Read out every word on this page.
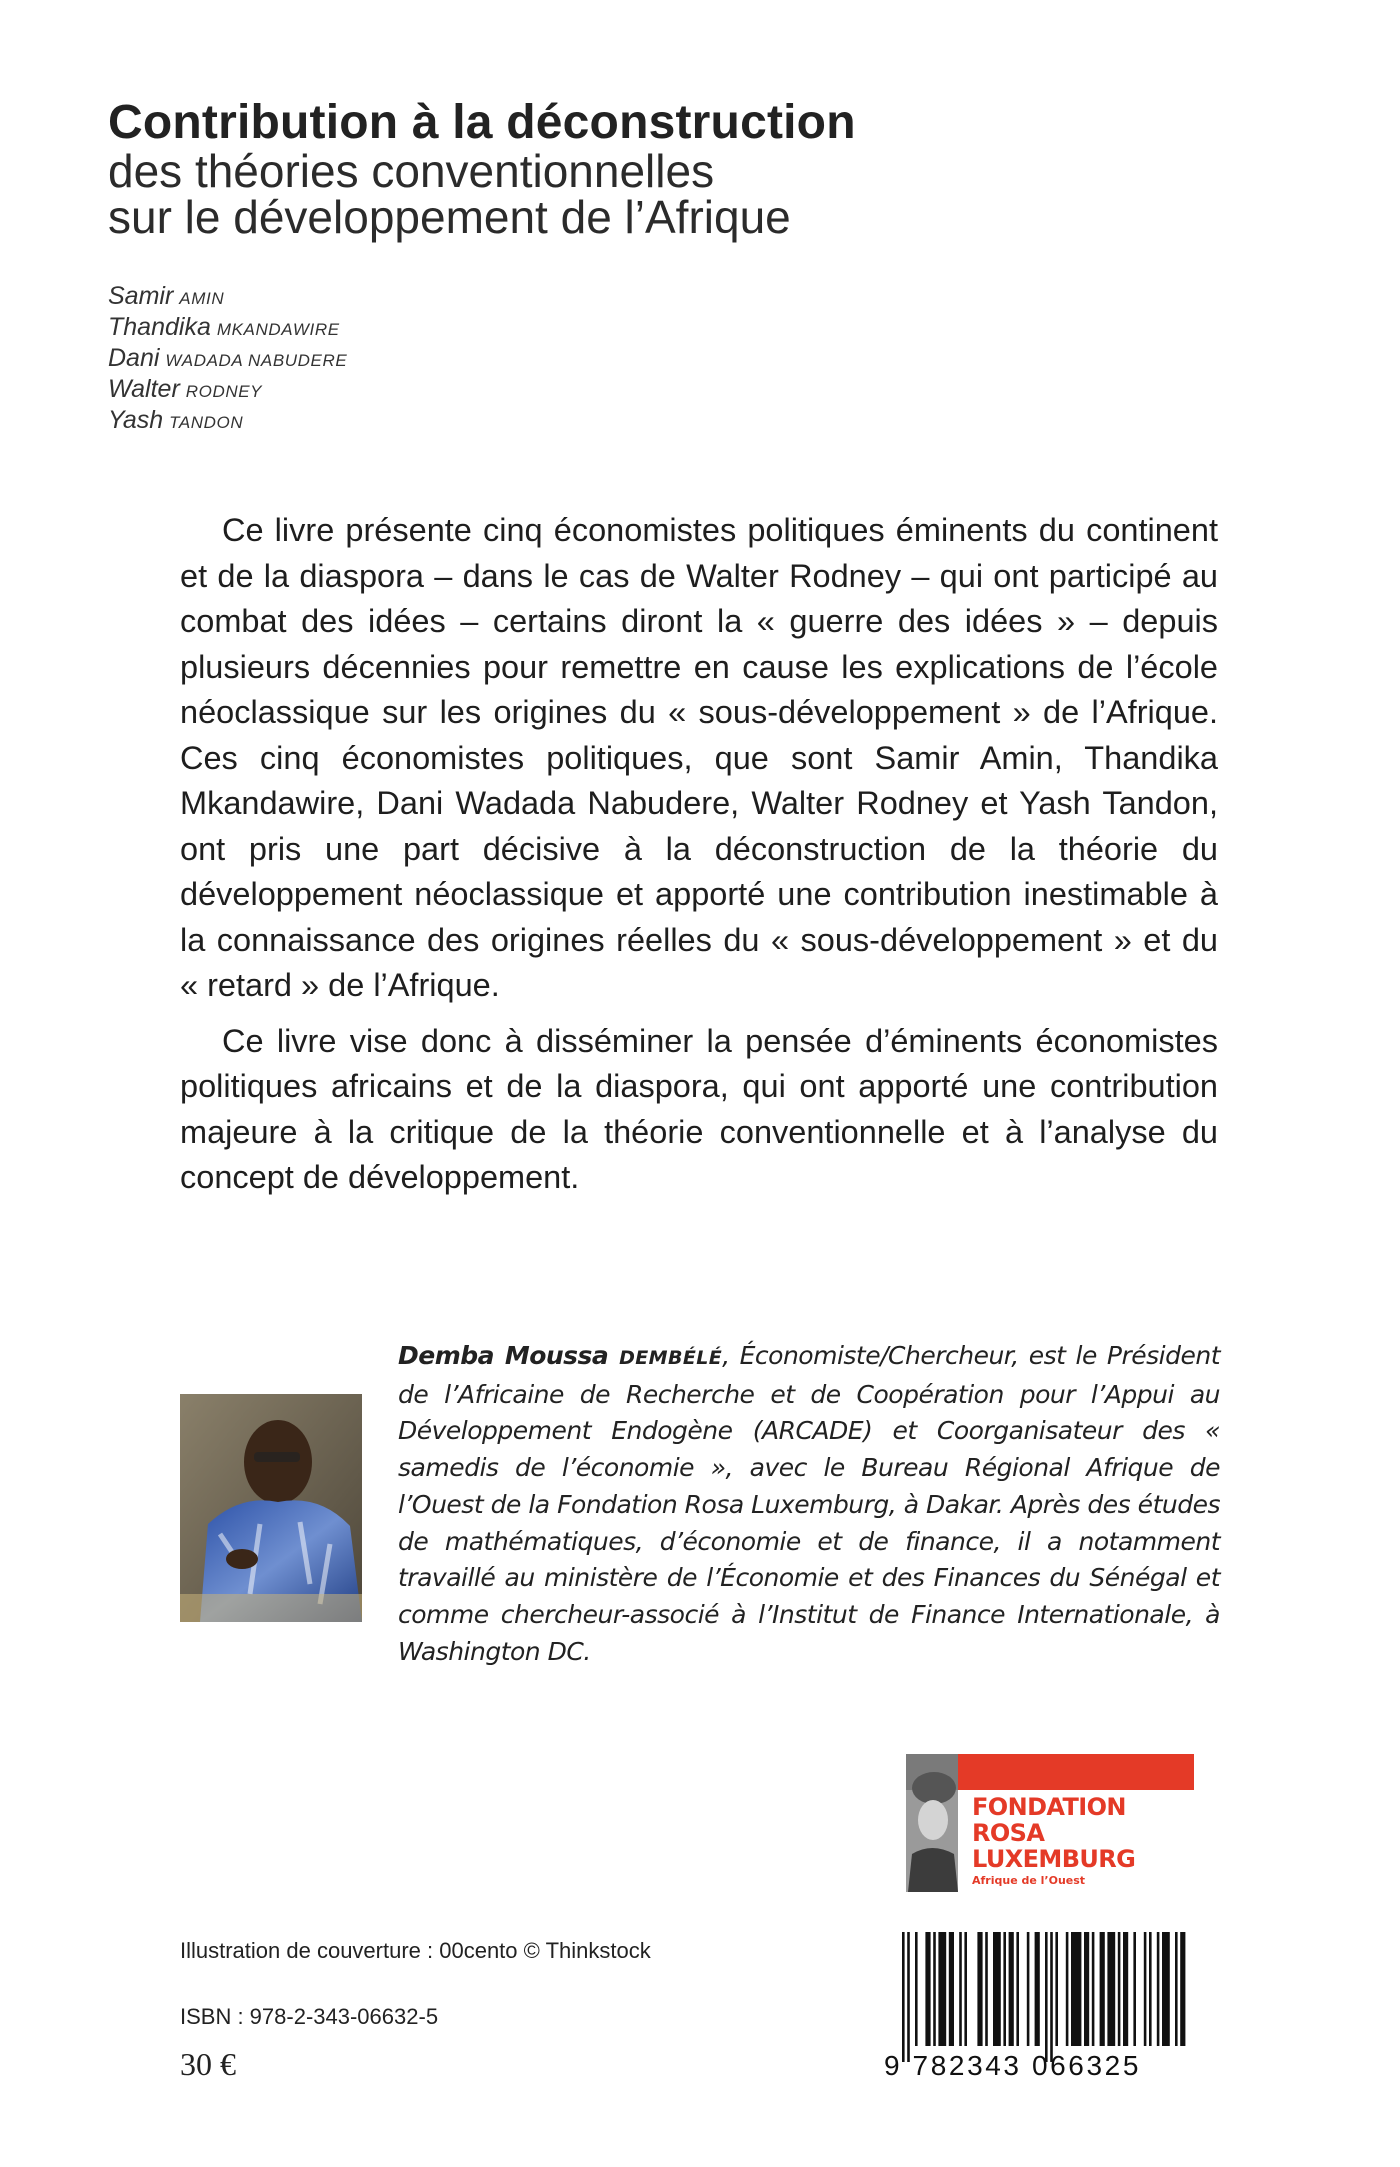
Contribution à la déconstruction
des théories conventionnelles
sur le développement de l’Afrique
Samir AMIN
Thandika MKANDAWIRE
Dani WADADA NABUDERE
Walter RODNEY
Yash TANDON

Ce livre présente cinq économistes politiques éminents du continent et de la diaspora – dans le cas de Walter Rodney – qui ont participé au combat des idées – certains diront la « guerre des idées » – depuis plusieurs décennies pour remettre en cause les explications de l’école néoclassique sur les origines du « sous-développement » de l’Afrique. Ces cinq économistes politiques, que sont Samir Amin, Thandika Mkandawire, Dani Wadada Nabudere, Walter Rodney et Yash Tandon, ont pris une part décisive à la déconstruction de la théorie du développement néoclassique et apporté une contribution inestimable à la connaissance des origines réelles du « sous-développement » et du « retard » de l’Afrique.

Ce livre vise donc à disséminer la pensée d’éminents économistes politiques africains et de la diaspora, qui ont apporté une contribution majeure à la critique de la théorie conventionnelle et à l’analyse du concept de développement.

Demba Moussa DEMBÉLÉ, Économiste/Chercheur, est le Président de l’Africaine de Recherche et de Coopération pour l’Appui au Développement Endogène (ARCADE) et Coorganisateur des « samedis de l’économie », avec le Bureau Régional Afrique de l’Ouest de la Fondation Rosa Luxemburg, à Dakar. Après des études de mathématiques, d’économie et de finance, il a notamment travaillé au ministère de l’Économie et des Finances du Sénégal et comme chercheur-associé à l’Institut de Finance Internationale, à Washington DC.
FONDATION
ROSA
LUXEMBURG
Afrique de l’Ouest
Illustration de couverture : 00cento © Thinkstock
ISBN : 978-2-343-06632-5
30 €	9 782343 066325
